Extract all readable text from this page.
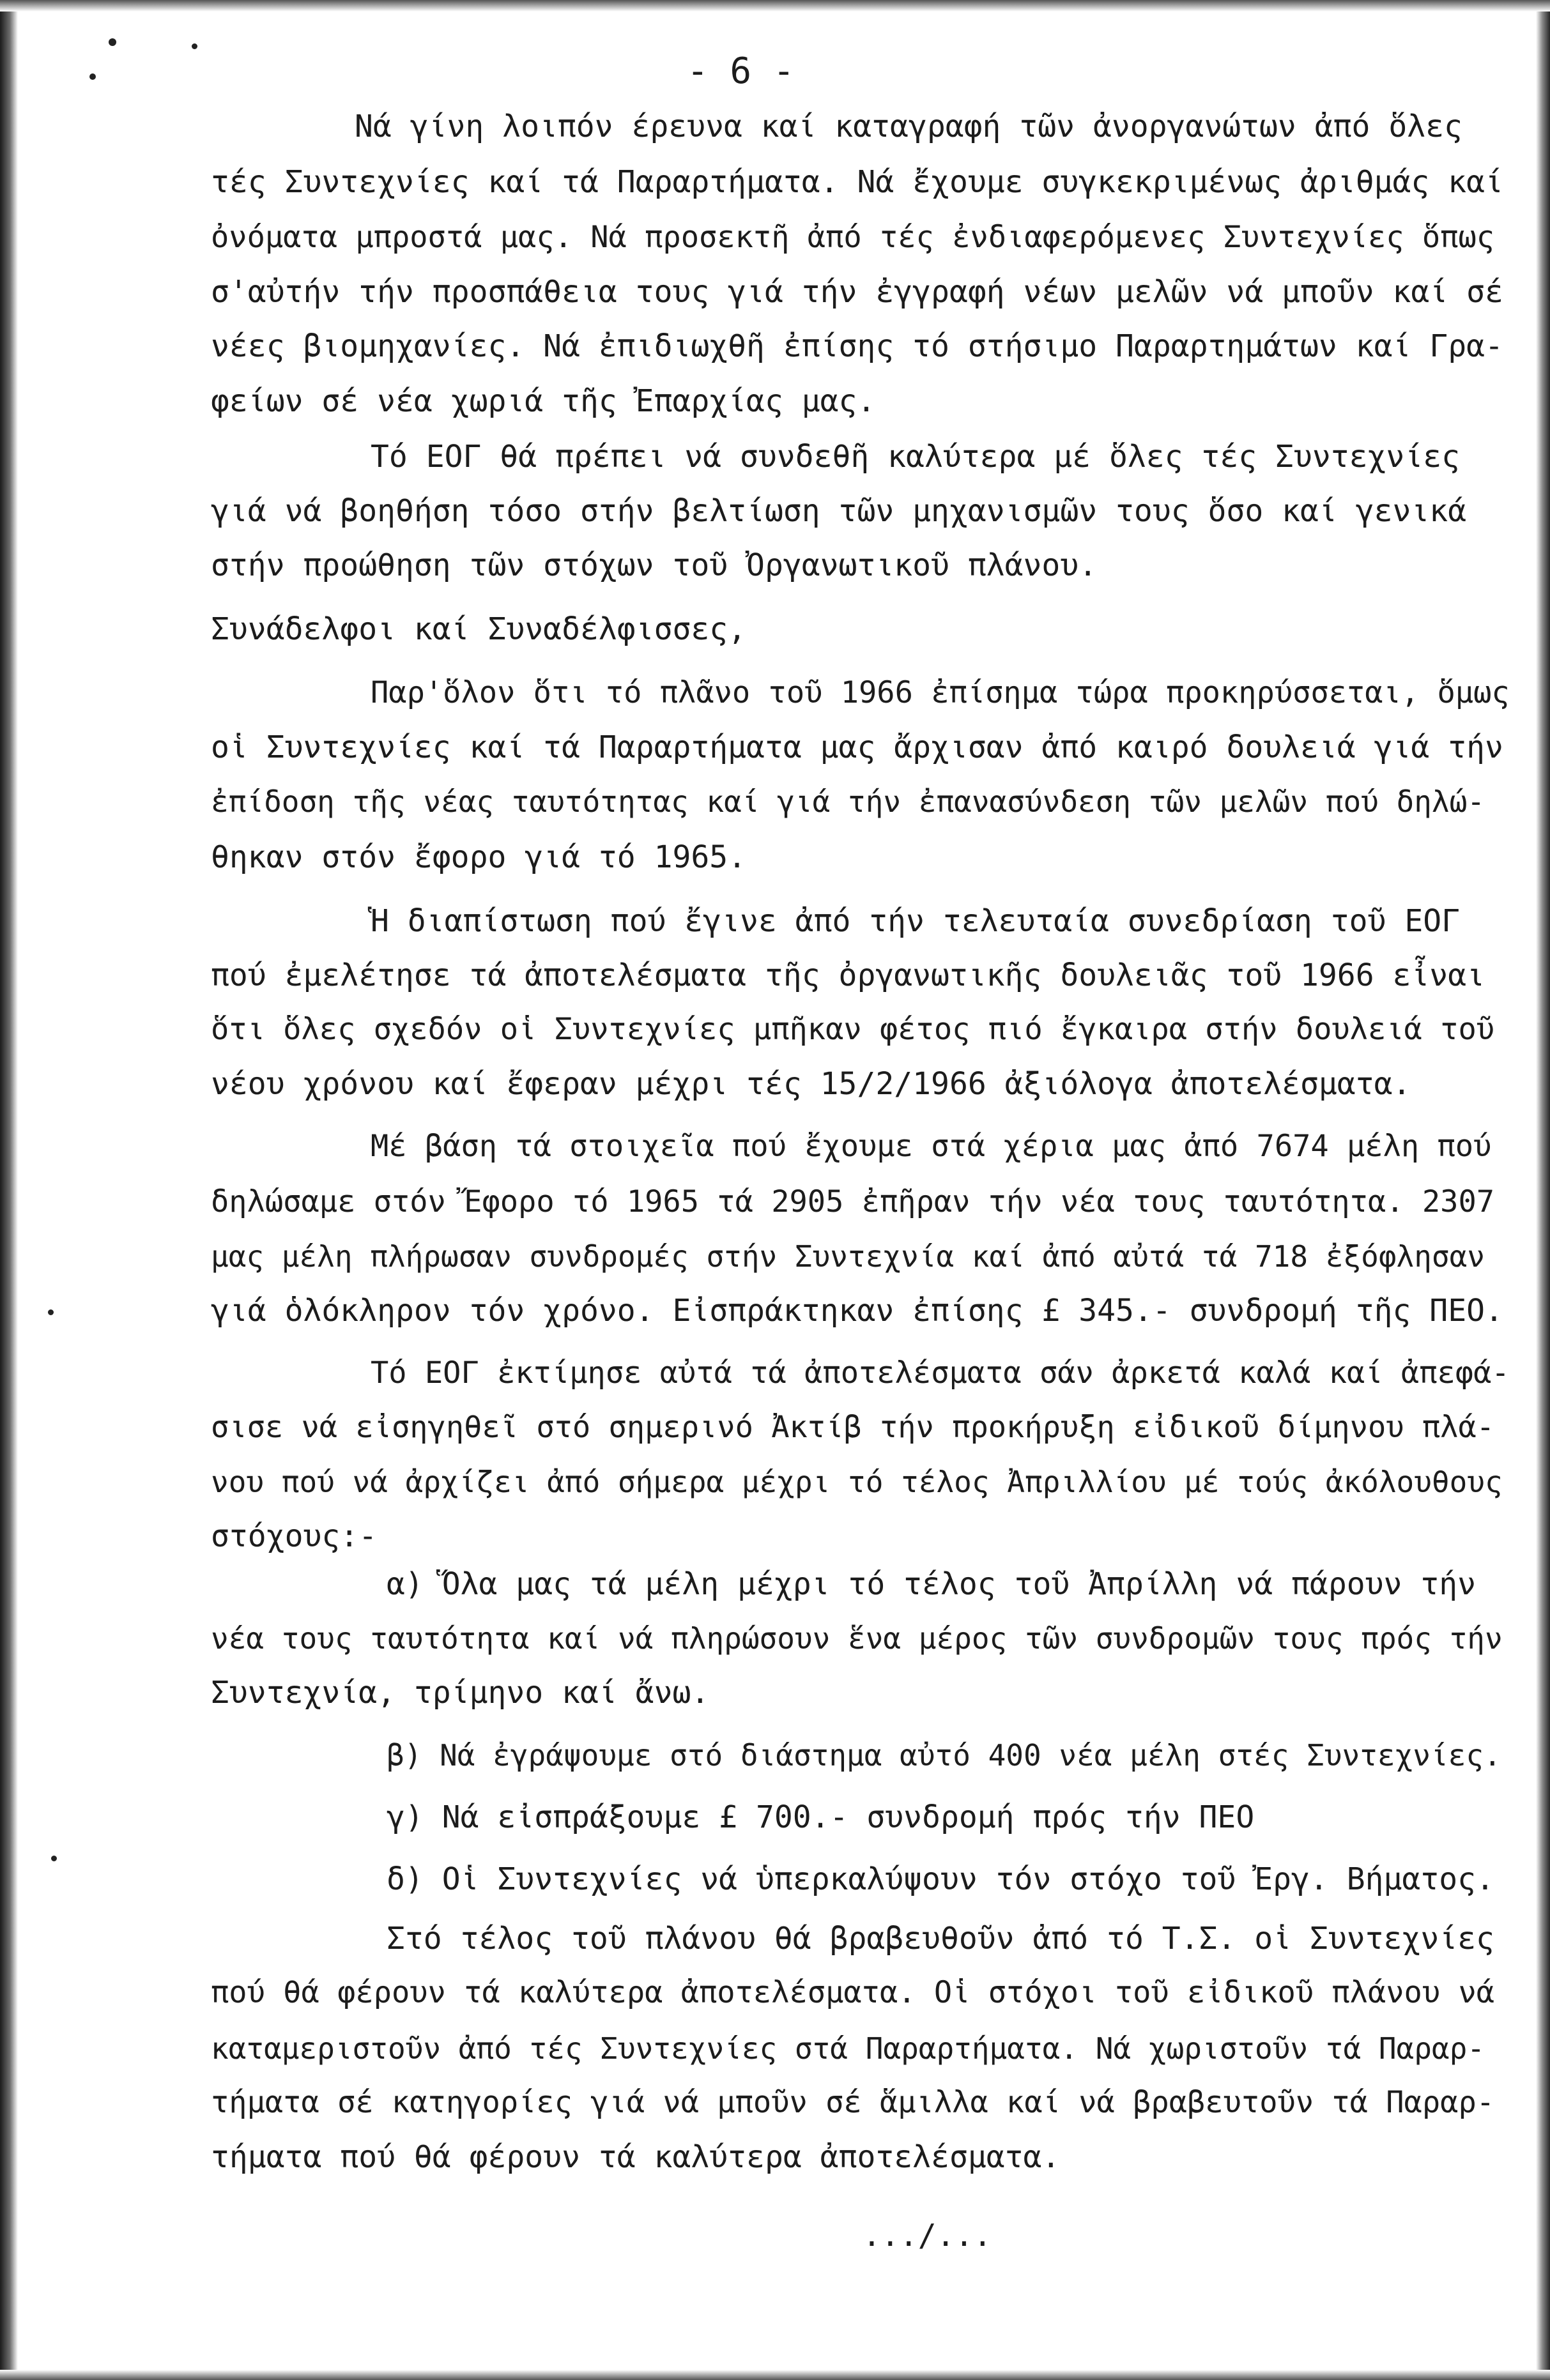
- 6 -
Νά γίνη λοιπόν έρευνα καί καταγραφή τῶν ἀνοργανώτων ἀπό ὅλες
τές Συντεχνίες καί τά Παραρτήματα. Νά ἔχουμε συγκεκριμένως ἀριθμάς καί
ὀνόματα μπροστά μας. Νά προσεκτῆ ἀπό τές ἐνδιαφερόμενες Συντεχνίες ὅπως
σ'αὐτήν τήν προσπάθεια τους γιά τήν ἐγγραφή νέων μελῶν νά μποῦν καί σέ
νέες βιομηχανίες. Νά ἐπιδιωχθῆ ἐπίσης τό στήσιμο Παραρτημάτων καί Γρα-
φείων σέ νέα χωριά τῆς Ἐπαρχίας μας.
Τό ΕΟΓ θά πρέπει νά συνδεθῆ καλύτερα μέ ὅλες τές Συντεχνίες
γιά νά βοηθήση τόσο στήν βελτίωση τῶν μηχανισμῶν τους ὅσο καί γενικά
στήν προώθηση τῶν στόχων τοῦ Ὀργανωτικοῦ πλάνου.
Συνάδελφοι καί Συναδέλφισσες,
Παρ'ὅλον ὅτι τό πλᾶνο τοῦ 1966 ἐπίσημα τώρα προκηρύσσεται, ὅμως
οἱ Συντεχνίες καί τά Παραρτήματα μας ἄρχισαν ἀπό καιρό δουλειά γιά τήν
ἐπίδοση τῆς νέας ταυτότητας καί γιά τήν ἐπανασύνδεση τῶν μελῶν πού δηλώ-
θηκαν στόν ἔφορο γιά τό 1965.
Ἡ διαπίστωση πού ἔγινε ἀπό τήν τελευταία συνεδρίαση τοῦ ΕΟΓ
πού ἐμελέτησε τά ἀποτελέσματα τῆς ὀργανωτικῆς δουλειᾶς τοῦ 1966 εἶναι
ὅτι ὅλες σχεδόν οἱ Συντεχνίες μπῆκαν φέτος πιό ἔγκαιρα στήν δουλειά τοῦ
νέου χρόνου καί ἔφεραν μέχρι τές 15/2/1966 ἀξιόλογα ἀποτελέσματα.
Μέ βάση τά στοιχεῖα πού ἔχουμε στά χέρια μας ἀπό 7674 μέλη πού
δηλώσαμε στόν Ἔφορο τό 1965 τά 2905 ἐπῆραν τήν νέα τους ταυτότητα. 2307
μας μέλη πλήρωσαν συνδρομές στήν Συντεχνία καί ἀπό αὐτά τά 718 ἐξόφλησαν
γιά ὁλόκληρον τόν χρόνο. Εἰσπράκτηκαν ἐπίσης £ 345.- συνδρομή τῆς ΠΕΟ.
Τό ΕΟΓ ἐκτίμησε αὐτά τά ἀποτελέσματα σάν ἀρκετά καλά καί ἀπεφά-
σισε νά εἰσηγηθεῖ στό σημερινό Ἀκτίβ τήν προκήρυξη εἰδικοῦ δίμηνου πλά-
νου πού νά ἀρχίζει ἀπό σήμερα μέχρι τό τέλος Ἀπριλλίου μέ τούς ἀκόλουθους
στόχους:-
α) Ὅλα μας τά μέλη μέχρι τό τέλος τοῦ Ἀπρίλλη νά πάρουν τήν
νέα τους ταυτότητα καί νά πληρώσουν ἕνα μέρος τῶν συνδρομῶν τους πρός τήν
Συντεχνία, τρίμηνο καί ἄνω.
β) Νά ἐγράψουμε στό διάστημα αὐτό 400 νέα μέλη στές Συντεχνίες.
γ) Νά εἰσπράξουμε £ 700.- συνδρομή πρός τήν ΠΕΟ
δ) Οἱ Συντεχνίες νά ὑπερκαλύψουν τόν στόχο τοῦ Ἐργ. Βήματος.
Στό τέλος τοῦ πλάνου θά βραβευθοῦν ἀπό τό Τ.Σ. οἱ Συντεχνίες
πού θά φέρουν τά καλύτερα ἀποτελέσματα. Οἱ στόχοι τοῦ εἰδικοῦ πλάνου νά
καταμεριστοῦν ἀπό τές Συντεχνίες στά Παραρτήματα. Νά χωριστοῦν τά Παραρ-
τήματα σέ κατηγορίες γιά νά μποῦν σέ ἅμιλλα καί νά βραβευτοῦν τά Παραρ-
τήματα πού θά φέρουν τά καλύτερα ἀποτελέσματα.
.../...
